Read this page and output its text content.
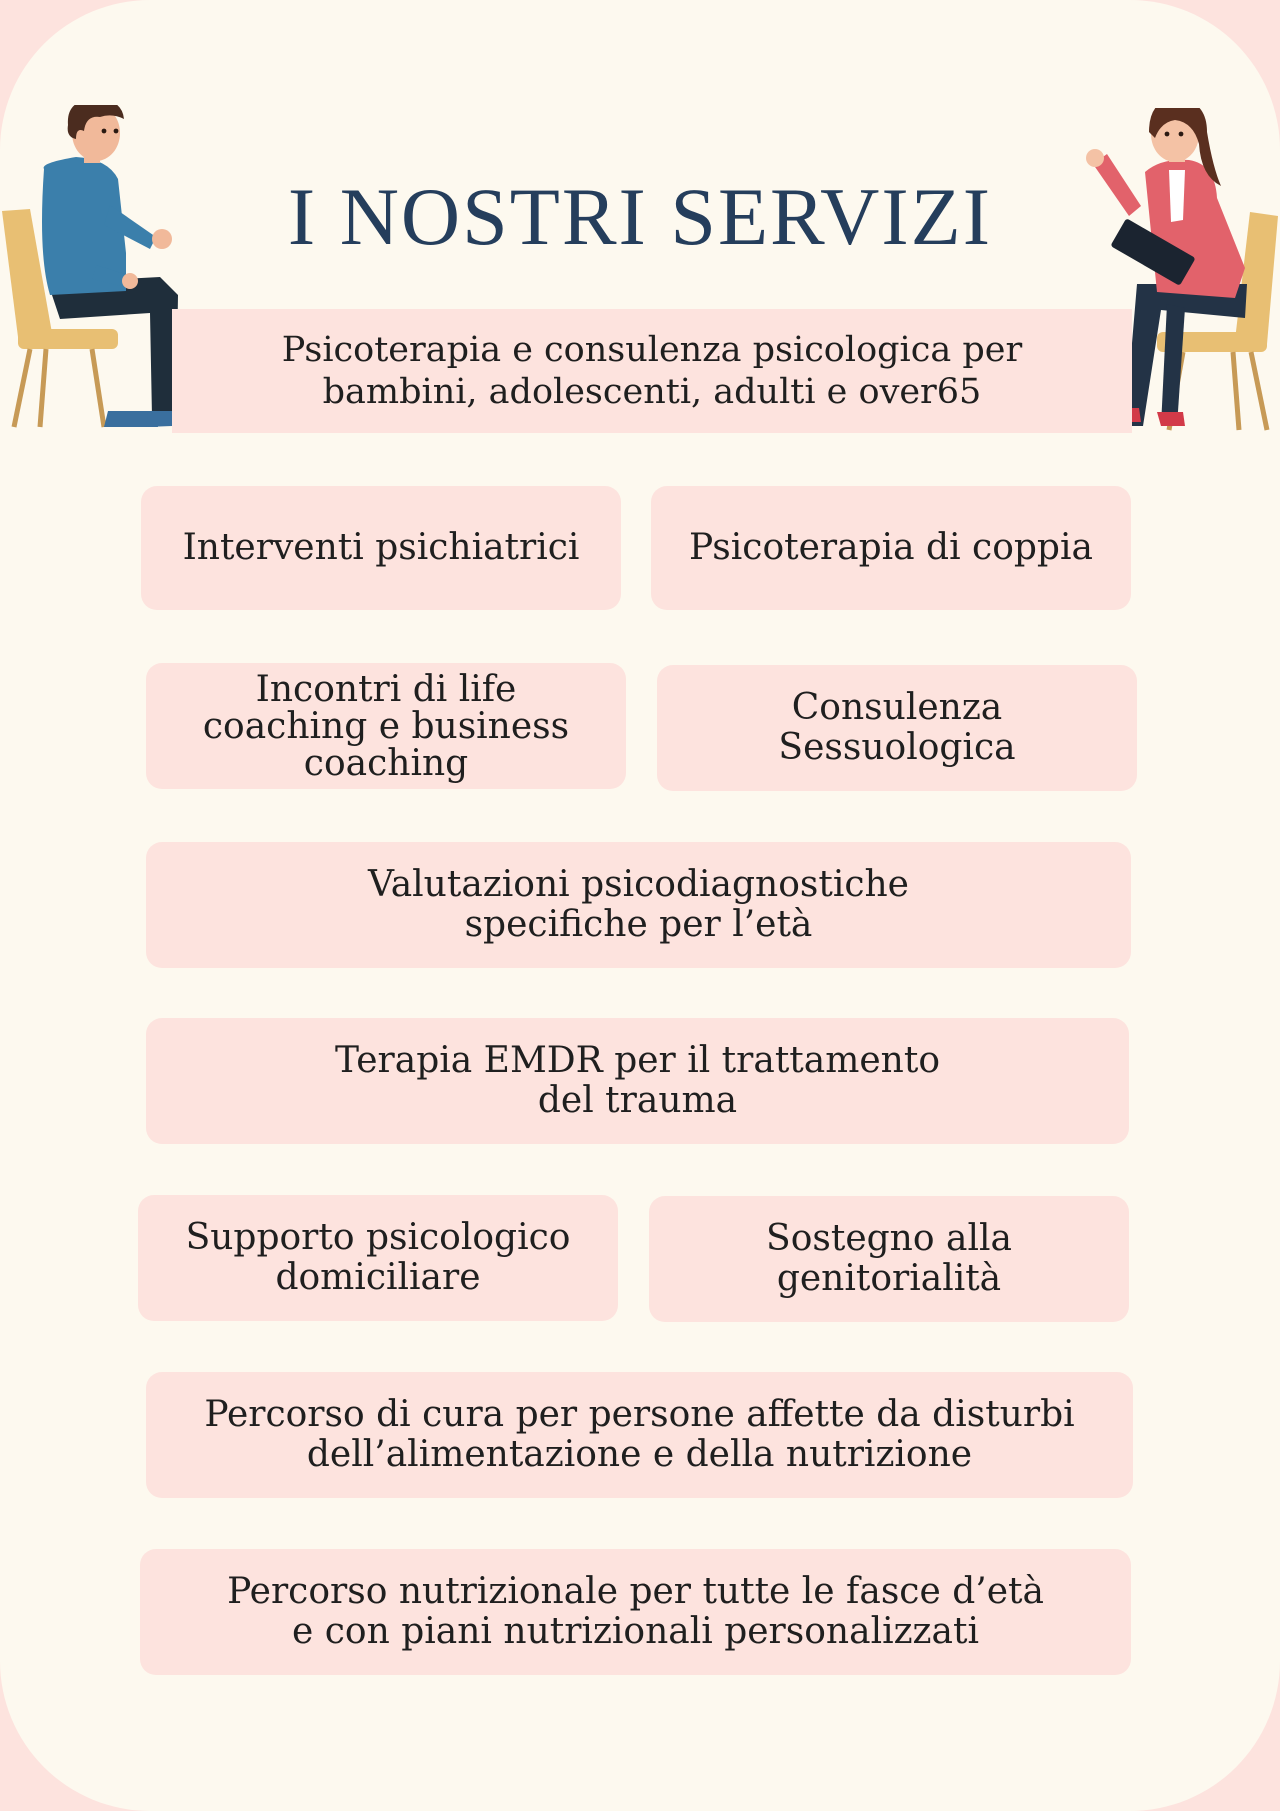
I NOSTRI SERVIZI
Psicoterapia e consulenza psicologica per
bambini, adolescenti, adulti e over65
Interventi psichiatrici	Psicoterapia di coppia
Incontri di life
coaching e business
coaching
Consulenza
Sessuologica
Valutazioni psicodiagnostiche
specifiche per l’età
Terapia EMDR per il trattamento
del trauma
Supporto psicologico
domiciliare
Sostegno alla
genitorialità
Percorso di cura per persone affette da disturbi
dell’alimentazione e della nutrizione
Percorso nutrizionale per tutte le fasce d’età
e con piani nutrizionali personalizzati
